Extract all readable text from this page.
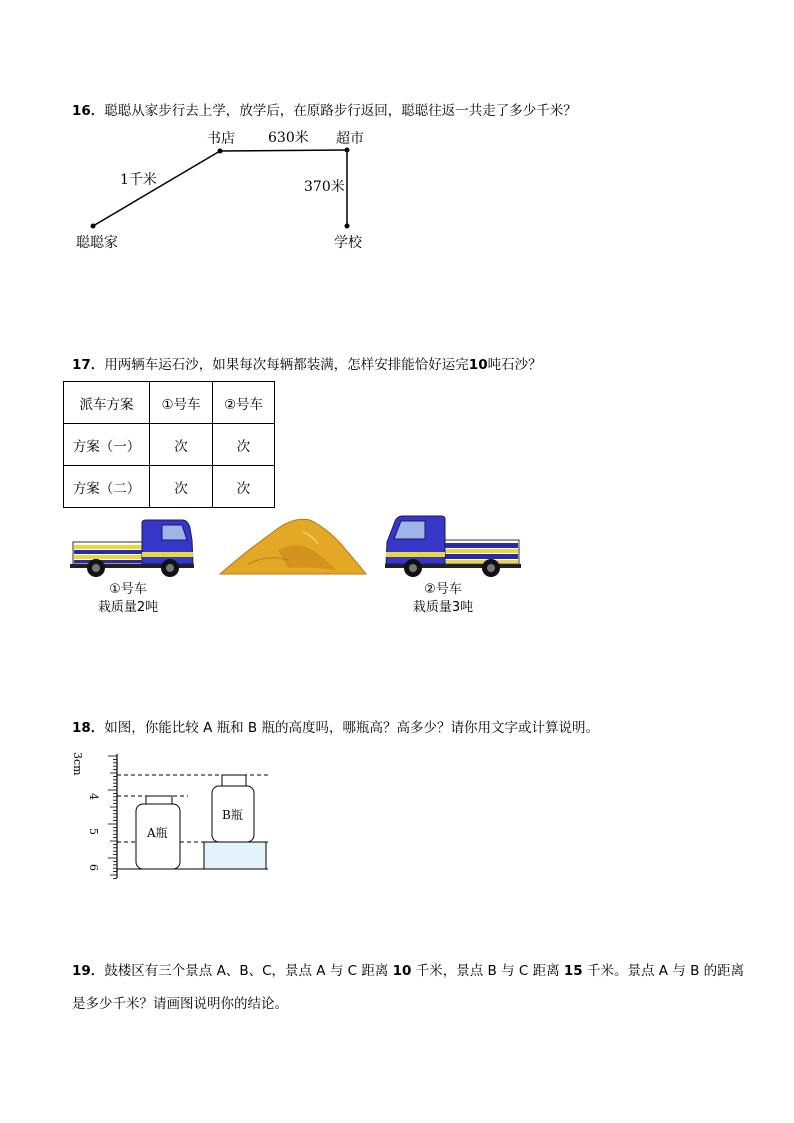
16．聪聪从家步行去上学，放学后，在原路步行返回，聪聪往返一共走了多少千米？
书店 630米 超市
1千米	370米
聪聪家	学校
17．用两辆车运石沙，如果每次每辆都装满，怎样安排能恰好运完10吨石沙？
派车方案	①号车	②号车
方案（一）	次	次
方案（二）	次	次
①号车
栽质量2吨
②号车
栽质量3吨
18．如图，你能比较 A 瓶和 B 瓶的高度吗，哪瓶高？高多少？请你用文字或计算说明。
3cm
4
5
6
A瓶
B瓶
19．鼓楼区有三个景点 A、B、C，景点 A 与 C 距离 10 千米，景点 B 与 C 距离 15 千米。景点 A 与 B 的距离
是多少千米？请画图说明你的结论。
